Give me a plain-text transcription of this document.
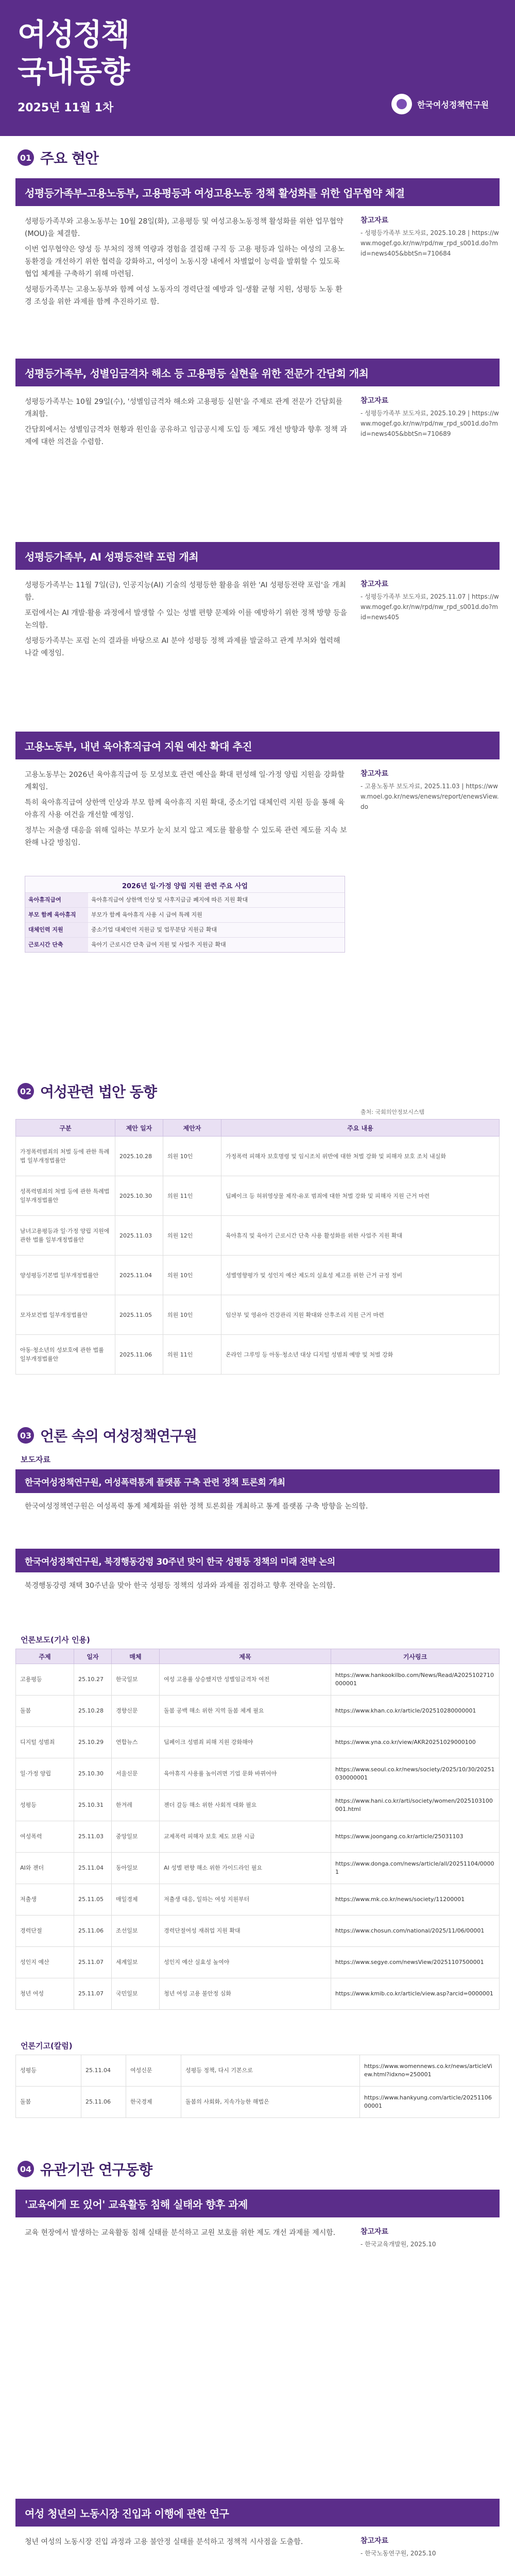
여성정책
국내동향
2025년 11월 1차	한국여성정책연구원
01 주요 현안
성평등가족부-고용노동부, 고용평등과 여성고용노동 정책 활성화를 위한 업무협약 체결

성평등가족부와 고용노동부는 10월 28일(화), 고용평등 및 여성고용노동정책 활성화를 위한 업무협약(MOU)을 체결함.

이번 업무협약은 양성 등 부처의 정책 역량과 경험을 결집해 구직 등 고용 평등과 일하는 여성의 고용노동환경을 개선하기 위한 협력을 강화하고, 여성이 노동시장 내에서 차별없이 능력을 발휘할 수 있도록 협업 체계를 구축하기 위해 마련됨.

성평등가족부는 고용노동부와 함께 여성 노동자의 경력단절 예방과 일·생활 균형 지원, 성평등 노동 환경 조성을 위한 과제를 함께 추진하기로 함.

참고자료
- 성평등가족부 보도자료, 2025.10.28 | https://www.mogef.go.kr/nw/rpd/nw_rpd_s001d.do?mid=news405&bbtSn=710684
성평등가족부, 성별임금격차 해소 등 고용평등 실현을 위한 전문가 간담회 개최

성평등가족부는 10월 29일(수), '성별임금격차 해소와 고용평등 실현'을 주제로 관계 전문가 간담회를 개최함.

간담회에서는 성별임금격차 현황과 원인을 공유하고 임금공시제 도입 등 제도 개선 방향과 향후 정책 과제에 대한 의견을 수렴함.

참고자료
- 성평등가족부 보도자료, 2025.10.29 | https://www.mogef.go.kr/nw/rpd/nw_rpd_s001d.do?mid=news405&bbtSn=710689
성평등가족부, AI 성평등전략 포럼 개최

성평등가족부는 11월 7일(금), 인공지능(AI) 기술의 성평등한 활용을 위한 'AI 성평등전략 포럼'을 개최함.

포럼에서는 AI 개발·활용 과정에서 발생할 수 있는 성별 편향 문제와 이를 예방하기 위한 정책 방향 등을 논의함.

성평등가족부는 포럼 논의 결과를 바탕으로 AI 분야 성평등 정책 과제를 발굴하고 관계 부처와 협력해 나갈 예정임.

참고자료
- 성평등가족부 보도자료, 2025.11.07 | https://www.mogef.go.kr/nw/rpd/nw_rpd_s001d.do?mid=news405
고용노동부, 내년 육아휴직급여 지원 예산 확대 추진

고용노동부는 2026년 육아휴직급여 등 모성보호 관련 예산을 확대 편성해 일·가정 양립 지원을 강화할 계획임.

특히 육아휴직급여 상한액 인상과 부모 함께 육아휴직 지원 확대, 중소기업 대체인력 지원 등을 통해 육아휴직 사용 여건을 개선할 예정임.

정부는 저출생 대응을 위해 일하는 부모가 눈치 보지 않고 제도를 활용할 수 있도록 관련 제도를 지속 보완해 나갈 방침임.

참고자료
- 고용노동부 보도자료, 2025.11.03 | https://www.moel.go.kr/news/enews/report/enewsView.do
2026년 일·가정 양립 지원 관련 주요 사업
육아휴직급여	육아휴직급여 상한액 인상 및 사후지급금 폐지에 따른 지원 확대
부모 함께 육아휴직	부모가 함께 육아휴직 사용 시 급여 특례 지원
대체인력 지원	중소기업 대체인력 지원금 및 업무분담 지원금 확대
근로시간 단축	육아기 근로시간 단축 급여 지원 및 사업주 지원금 확대
02 여성관련 법안 동향
출처: 국회의안정보시스템
구분	제안 일자	제안자	주요 내용
가정폭력범죄의 처벌 등에 관한 특례법 일부개정법률안	2025.10.28	의원 10인	가정폭력 피해자 보호명령 및 임시조치 위반에 대한 처벌 강화 및 피해자 보호 조치 내실화
성폭력범죄의 처벌 등에 관한 특례법 일부개정법률안	2025.10.30	의원 11인	딥페이크 등 허위영상물 제작·유포 범죄에 대한 처벌 강화 및 피해자 지원 근거 마련
남녀고용평등과 일·가정 양립 지원에 관한 법률 일부개정법률안	2025.11.03	의원 12인	육아휴직 및 육아기 근로시간 단축 사용 활성화를 위한 사업주 지원 확대
양성평등기본법 일부개정법률안	2025.11.04	의원 10인	성별영향평가 및 성인지 예산 제도의 실효성 제고를 위한 근거 규정 정비
모자보건법 일부개정법률안	2025.11.05	의원 10인	임산부 및 영유아 건강관리 지원 확대와 산후조리 지원 근거 마련
아동·청소년의 성보호에 관한 법률 일부개정법률안	2025.11.06	의원 11인	온라인 그루밍 등 아동·청소년 대상 디지털 성범죄 예방 및 처벌 강화
03 언론 속의 여성정책연구원
보도자료
한국여성정책연구원, 여성폭력통계 플랫폼 구축 관련 정책 토론회 개최
한국여성정책연구원은 여성폭력 통계 체계화를 위한 정책 토론회를 개최하고 통계 플랫폼 구축 방향을 논의함.
한국여성정책연구원, 북경행동강령 30주년 맞이 한국 성평등 정책의 미래 전략 논의
북경행동강령 채택 30주년을 맞아 한국 성평등 정책의 성과와 과제를 점검하고 향후 전략을 논의함.
언론보도(기사 인용)
주제	일자	매체	제목	기사링크
고용평등	25.10.27	한국일보	여성 고용률 상승했지만 성별임금격차 여전	https://www.hankookilbo.com/News/Read/A2025102710000001
돌봄	25.10.28	경향신문	돌봄 공백 해소 위한 지역 돌봄 체계 필요	https://www.khan.co.kr/article/202510280000001
디지털 성범죄	25.10.29	연합뉴스	딥페이크 성범죄 피해 지원 강화해야	https://www.yna.co.kr/view/AKR20251029000100
일·가정 양립	25.10.30	서울신문	육아휴직 사용률 높이려면 기업 문화 바뀌어야	https://www.seoul.co.kr/news/society/2025/10/30/20251030000001
성평등	25.10.31	한겨레	젠더 갈등 해소 위한 사회적 대화 필요	https://www.hani.co.kr/arti/society/women/2025103100001.html
여성폭력	25.11.03	중앙일보	교제폭력 피해자 보호 제도 보완 시급	https://www.joongang.co.kr/article/25031103
AI와 젠더	25.11.04	동아일보	AI 성별 편향 해소 위한 가이드라인 필요	https://www.donga.com/news/article/all/20251104/00001
저출생	25.11.05	매일경제	저출생 대응, 일하는 여성 지원부터	https://www.mk.co.kr/news/society/11200001
경력단절	25.11.06	조선일보	경력단절여성 재취업 지원 확대	https://www.chosun.com/national/2025/11/06/00001
성인지 예산	25.11.07	세계일보	성인지 예산 실효성 높여야	https://www.segye.com/newsView/20251107500001
청년 여성	25.11.07	국민일보	청년 여성 고용 불안정 심화	https://www.kmib.co.kr/article/view.asp?arcid=0000001
언론기고(칼럼)
성평등	25.11.04	여성신문	성평등 정책, 다시 기본으로	https://www.womennews.co.kr/news/articleView.html?idxno=250001
돌봄	25.11.06	한국경제	돌봄의 사회화, 지속가능한 해법은	https://www.hankyung.com/article/2025110600001
04 유관기관 연구동향
'교육에게 또 있어' 교육활동 침해 실태와 향후 과제
교육 현장에서 발생하는 교육활동 침해 실태를 분석하고 교원 보호를 위한 제도 개선 과제를 제시함.	참고자료
- 한국교육개발원, 2025.10
여성 청년의 노동시장 진입과 이행에 관한 연구
청년 여성의 노동시장 진입 과정과 고용 불안정 실태를 분석하고 정책적 시사점을 도출함.	참고자료
- 한국노동연구원, 2025.10
